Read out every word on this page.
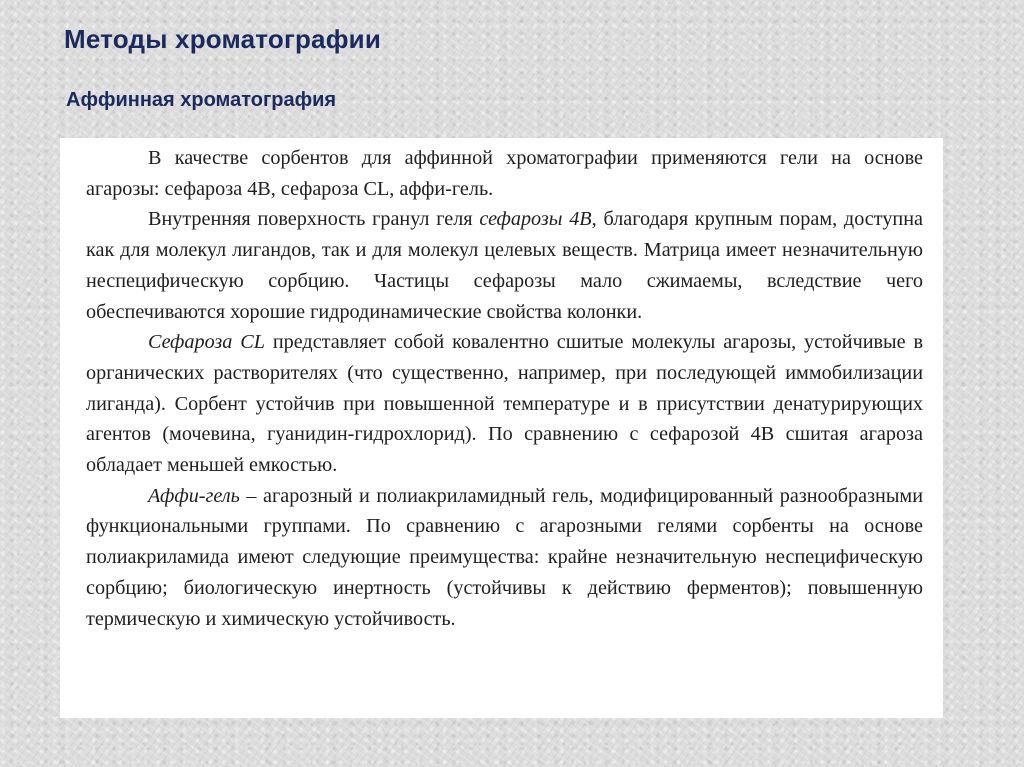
Методы хроматографии
Аффинная хроматография

В качестве сорбентов для аффинной хроматографии применяются гели на основе агарозы: сефароза 4В, сефароза CL, аффи-гель.

Внутренняя поверхность гранул геля сефарозы 4В, благодаря крупным порам, доступна как для молекул лигандов, так и для молекул целевых веществ. Матрица имеет незначительную неспецифическую сорбцию. Частицы сефарозы мало сжимаемы, вследствие чего обеспечиваются хорошие гидродинамические свойства колонки.

Сефароза CL представляет собой ковалентно сшитые молекулы агарозы, устойчивые в органических растворителях (что существенно, например, при последующей иммобилизации лиганда). Сорбент устойчив при повышенной температуре и в присутствии денатурирующих агентов (мочевина, гуанидин-гидрохлорид). По сравнению с сефарозой 4В сшитая агароза обладает меньшей емкостью.

Аффи-гель – агарозный и полиакриламидный гель, модифицированный разнообразными функциональными группами. По сравнению с агарозными гелями сорбенты на основе полиакриламида имеют следующие преимущества: крайне незначительную неспецифическую сорбцию; биологическую инертность (устойчивы к действию ферментов); повышенную термическую и химическую устойчивость.
